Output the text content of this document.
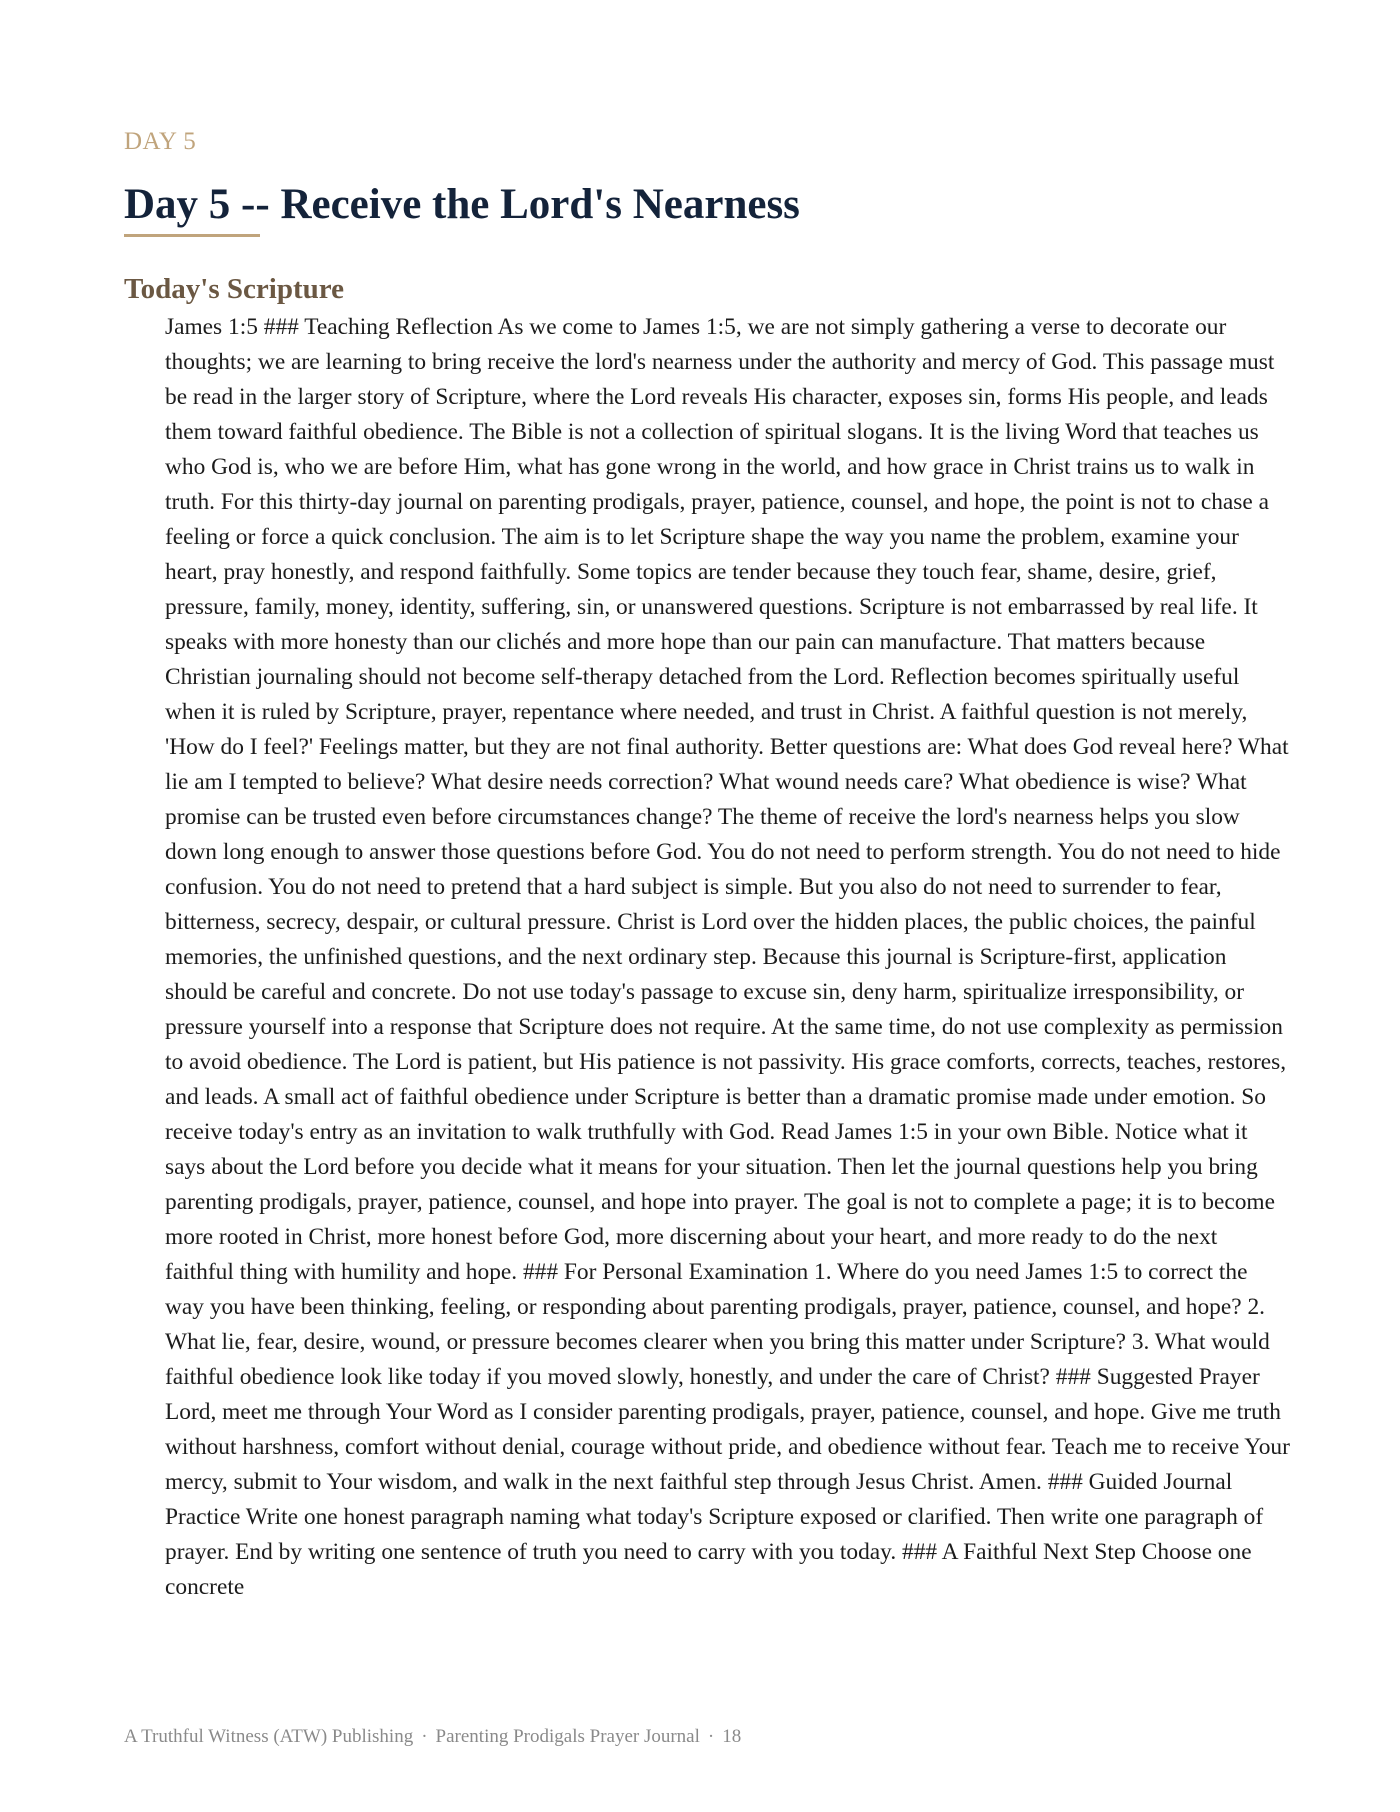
DAY 5
Day 5 -- Receive the Lord's Nearness
Today's Scripture

James 1:5 ### Teaching Reflection As we come to James 1:5, we are not simply gathering a verse to decorate our thoughts; we are learning to bring receive the lord's nearness under the authority and mercy of God. This passage must be read in the larger story of Scripture, where the Lord reveals His character, exposes sin, forms His people, and leads them toward faithful obedience. The Bible is not a collection of spiritual slogans. It is the living Word that teaches us who God is, who we are before Him, what has gone wrong in the world, and how grace in Christ trains us to walk in truth. For this thirty-day journal on parenting prodigals, prayer, patience, counsel, and hope, the point is not to chase a feeling or force a quick conclusion. The aim is to let Scripture shape the way you name the problem, examine your heart, pray honestly, and respond faithfully. Some topics are tender because they touch fear, shame, desire, grief, pressure, family, money, identity, suffering, sin, or unanswered questions. Scripture is not embarrassed by real life. It speaks with more honesty than our clichés and more hope than our pain can manufacture. That matters because Christian journaling should not become self-therapy detached from the Lord. Reflection becomes spiritually useful when it is ruled by Scripture, prayer, repentance where needed, and trust in Christ. A faithful question is not merely, 'How do I feel?' Feelings matter, but they are not final authority. Better questions are: What does God reveal here? What lie am I tempted to believe? What desire needs correction? What wound needs care? What obedience is wise? What promise can be trusted even before circumstances change? The theme of receive the lord's nearness helps you slow down long enough to answer those questions before God. You do not need to perform strength. You do not need to hide confusion. You do not need to pretend that a hard subject is simple. But you also do not need to surrender to fear, bitterness, secrecy, despair, or cultural pressure. Christ is Lord over the hidden places, the public choices, the painful memories, the unfinished questions, and the next ordinary step. Because this journal is Scripture-first, application should be careful and concrete. Do not use today's passage to excuse sin, deny harm, spiritualize irresponsibility, or pressure yourself into a response that Scripture does not require. At the same time, do not use complexity as permission to avoid obedience. The Lord is patient, but His patience is not passivity. His grace comforts, corrects, teaches, restores, and leads. A small act of faithful obedience under Scripture is better than a dramatic promise made under emotion. So receive today's entry as an invitation to walk truthfully with God. Read James 1:5 in your own Bible. Notice what it says about the Lord before you decide what it means for your situation. Then let the journal questions help you bring parenting prodigals, prayer, patience, counsel, and hope into prayer. The goal is not to complete a page; it is to become more rooted in Christ, more honest before God, more discerning about your heart, and more ready to do the next faithful thing with humility and hope. ### For Personal Examination 1. Where do you need James 1:5 to correct the way you have been thinking, feeling, or responding about parenting prodigals, prayer, patience, counsel, and hope? 2. What lie, fear, desire, wound, or pressure becomes clearer when you bring this matter under Scripture? 3. What would faithful obedience look like today if you moved slowly, honestly, and under the care of Christ? ### Suggested Prayer Lord, meet me through Your Word as I consider parenting prodigals, prayer, patience, counsel, and hope. Give me truth without harshness, comfort without denial, courage without pride, and obedience without fear. Teach me to receive Your mercy, submit to Your wisdom, and walk in the next faithful step through Jesus Christ. Amen. ### Guided Journal Practice Write one honest paragraph naming what today's Scripture exposed or clarified. Then write one paragraph of prayer. End by writing one sentence of truth you need to carry with you today. ### A Faithful Next Step Choose one concrete

A Truthful Witness (ATW) Publishing · Parenting Prodigals Prayer Journal · 18
